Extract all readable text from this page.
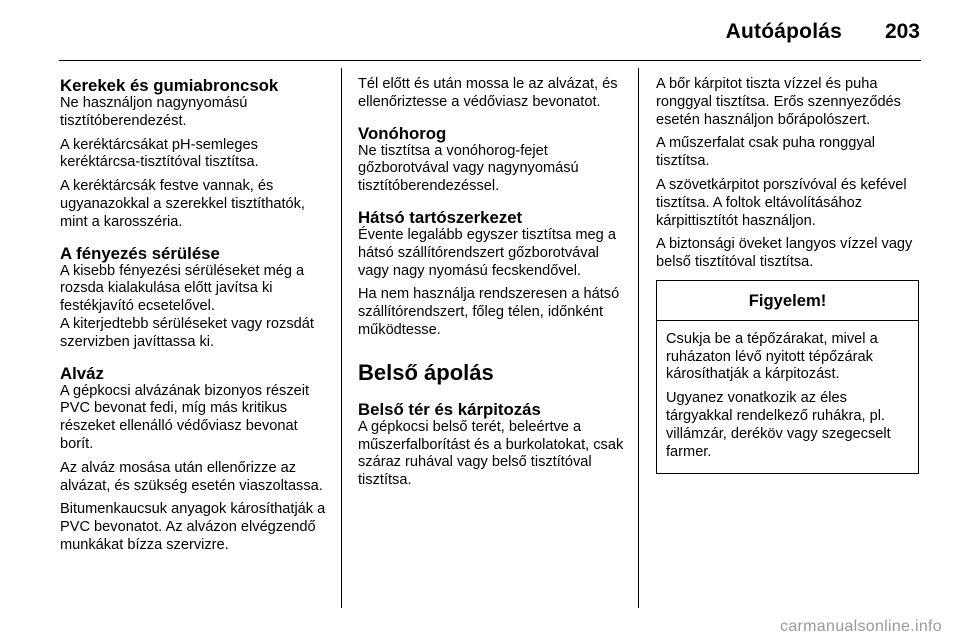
Autóápolás 203
Kerekek és gumiabroncsok

Ne használjon nagynyomású tisztítóberendezést.

A keréktárcsákat pH-semleges keréktárcsa-tisztítóval tisztítsa.

A keréktárcsák festve vannak, és ugyanazokkal a szerekkel tisztíthatók, mint a karosszéria.

A fényezés sérülése

A kisebb fényezési sérüléseket még a rozsda kialakulása előtt javítsa ki festékjavító ecsetelővel.

A kiterjedtebb sérüléseket vagy rozsdát szervizben javíttassa ki.

Alváz

A gépkocsi alvázának bizonyos részeit PVC bevonat fedi, míg más kritikus részeket ellenálló védőviasz bevonat borít.

Az alváz mosása után ellenőrizze az alvázat, és szükség esetén viaszoltassa.

Bitumenkaucsuk anyagok károsíthatják a PVC bevonatot. Az alvázon elvégzendő munkákat bízza szervizre.

Tél előtt és után mossa le az alvázat, és ellenőriztesse a védőviasz bevonatot.

Vonóhorog

Ne tisztítsa a vonóhorog-fejet gőzborotvával vagy nagynyomású tisztítóberendezéssel.

Hátsó tartószerkezet

Évente legalább egyszer tisztítsa meg a hátsó szállítórendszert gőzborotvával vagy nagy nyomású fecskendővel.

Ha nem használja rendszeresen a hátsó szállítórendszert, főleg télen, időnként működtesse.

Belső ápolás
Belső tér és kárpitozás

A gépkocsi belső terét, beleértve a műszerfalborítást és a burkolatokat, csak száraz ruhával vagy belső tisztítóval tisztítsa.

A bőr kárpitot tiszta vízzel és puha ronggyal tisztítsa. Erős szennyeződés esetén használjon bőrápolószert.

A műszerfalat csak puha ronggyal tisztítsa.

A szövetkárpitot porszívóval és kefével tisztítsa. A foltok eltávolításához kárpittisztítót használjon.

A biztonsági öveket langyos vízzel vagy belső tisztítóval tisztítsa.

Figyelem!

Csukja be a tépőzárakat, mivel a ruházaton lévő nyitott tépőzárak károsíthatják a kárpitozást.

Ugyanez vonatkozik az éles tárgyakkal rendelkező ruhákra, pl. villámzár, deréköv vagy szegecselt farmer.

carmanualsonline.info
